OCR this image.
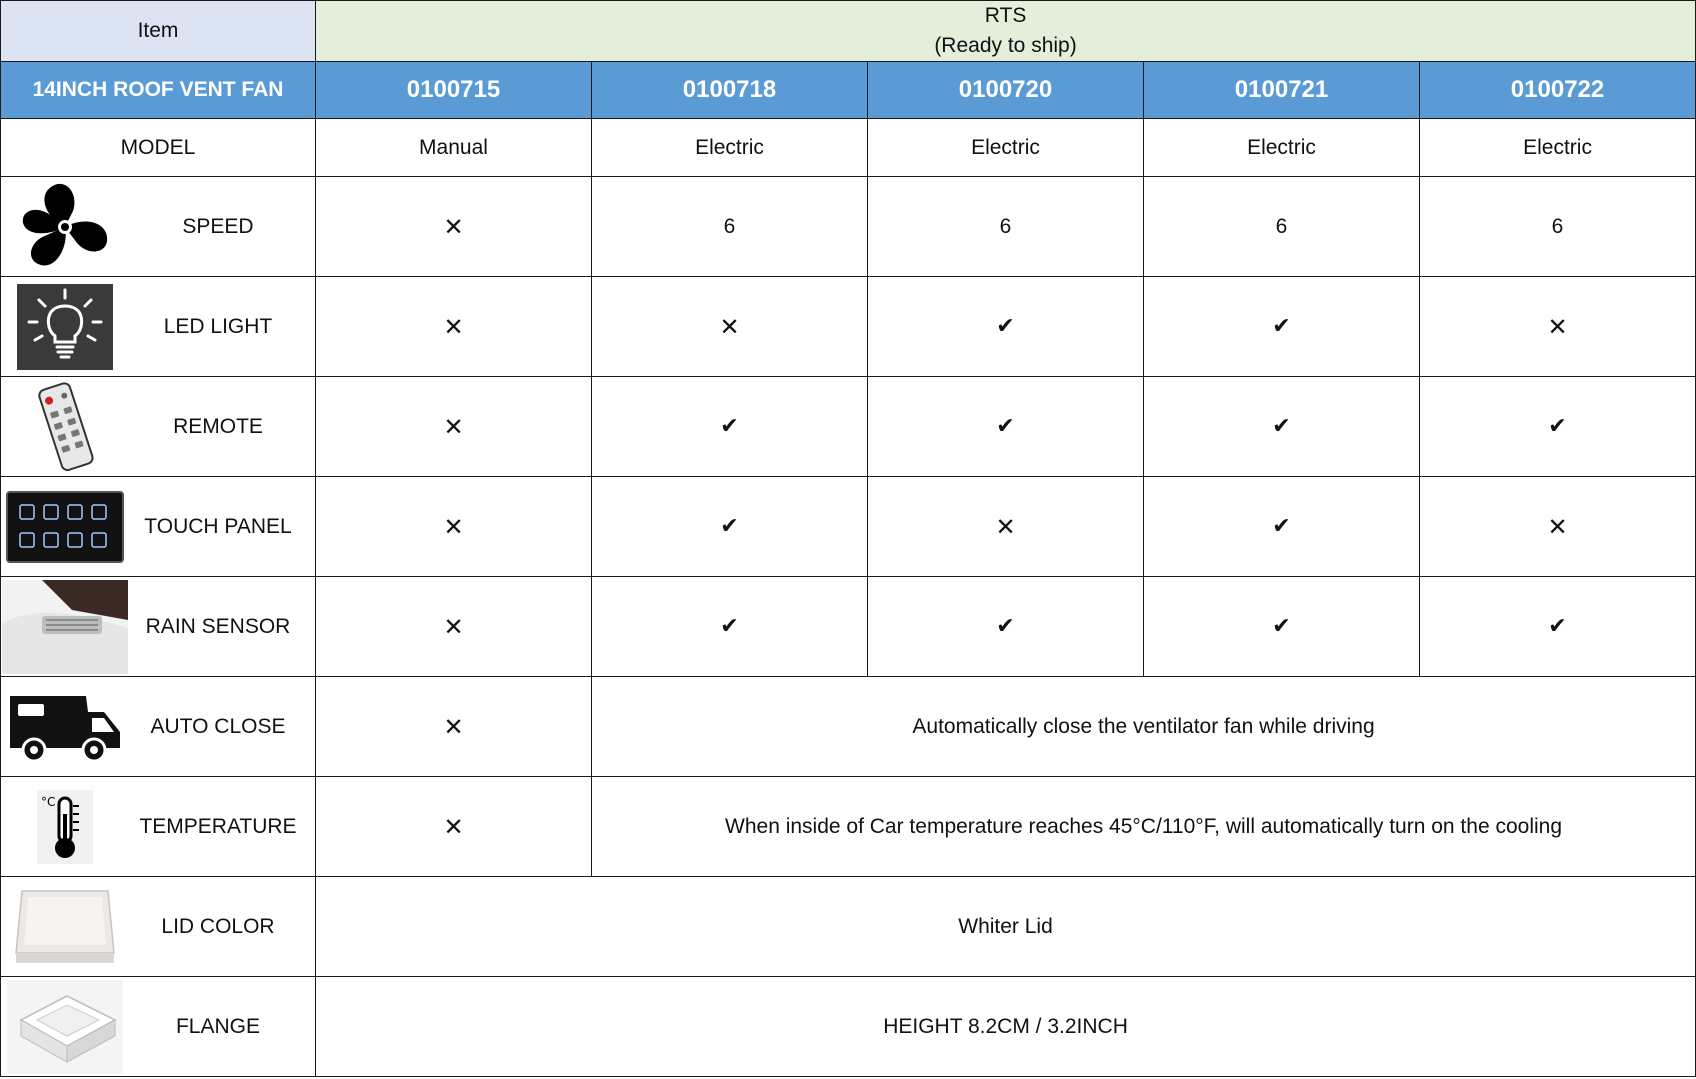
Item	RTS
(Ready to ship)				

14INCH ROOF VENT FAN	0100715	0100718	0100720	0100721	0100722
MODEL	Manual	Electric	Electric	Electric	Electric

SPEED	✕	6	6	6	6

LED LIGHT	✕	✕	✔	✔	✕

REMOTE	✕	✔	✔	✔	✔

TOUCH PANEL	✕	✔	✕	✔	✕

RAIN SENSOR	✕	✔	✔	✔	✔

AUTO CLOSE	✕	Automatically close the ventilator fan while driving			

°C
TEMPERATURE	✕	When inside of Car temperature reaches 45°C/110°F, will automatically turn on the cooling			

LID COLOR	Whiter Lid				

FLANGE	HEIGHT 8.2CM / 3.2INCH				
